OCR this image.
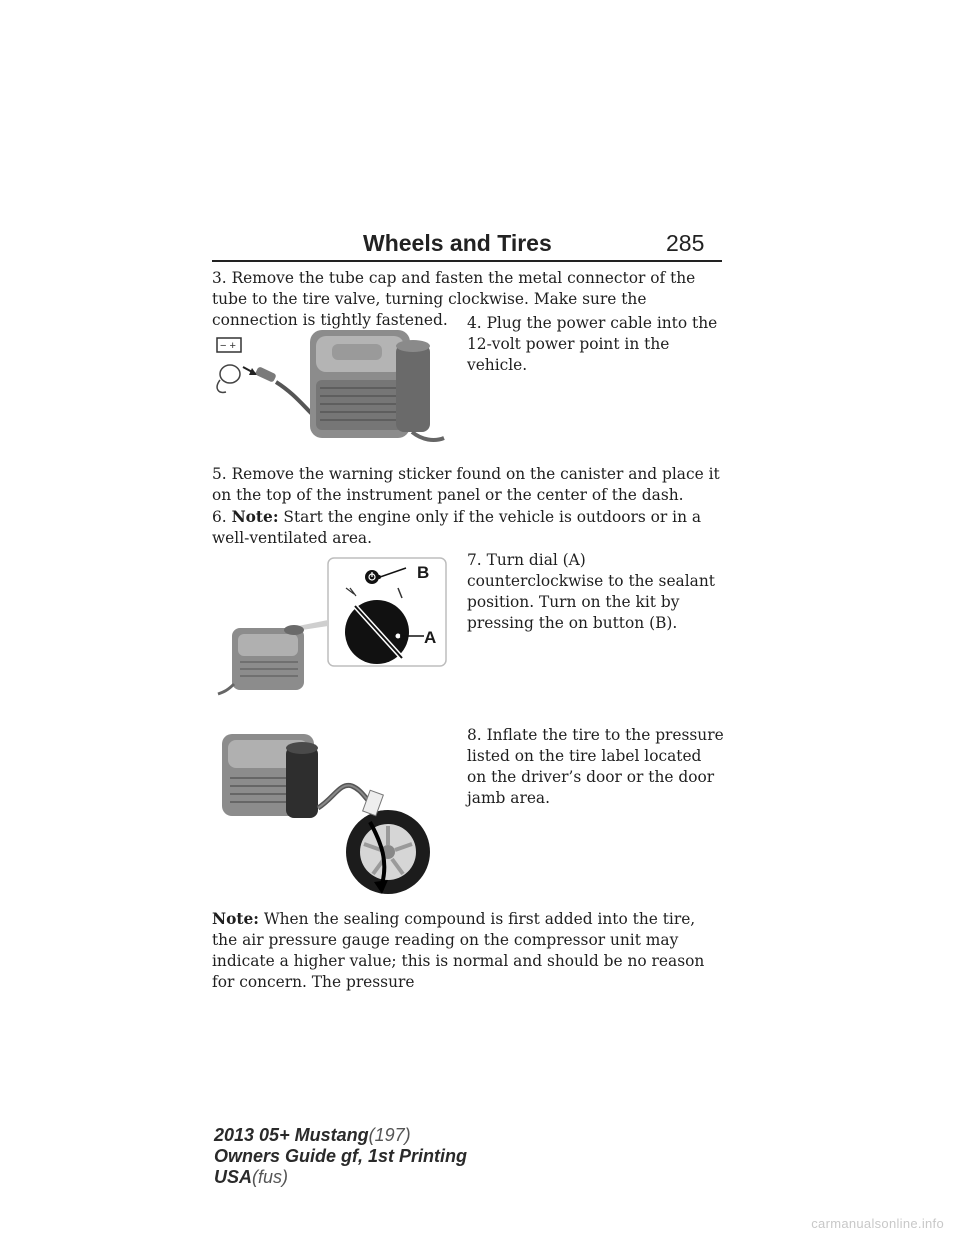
Wheels and Tires	285
3. Remove the tube cap and fasten the metal connector of the tube to the tire valve, turning clockwise. Make sure the connection is tightly fastened.
− +
4. Plug the power cable into the 12-volt power point in the vehicle.
5. Remove the warning sticker found on the canister and place it on the top of the instrument panel or the center of the dash.
6. Note: Start the engine only if the vehicle is outdoors or in a well-ventilated area.
B
A
7. Turn dial (A) counterclockwise to the sealant position. Turn on the kit by pressing the on button (B).
8. Inflate the tire to the pressure listed on the tire label located on the driver’s door or the door jamb area.
Note: When the sealing compound is first added into the tire, the air pressure gauge reading on the compressor unit may indicate a higher value; this is normal and should be no reason for concern. The pressure
2013 05+ Mustang(197)
Owners Guide gf, 1st Printing
USA(fus)
carmanualsonline.info
